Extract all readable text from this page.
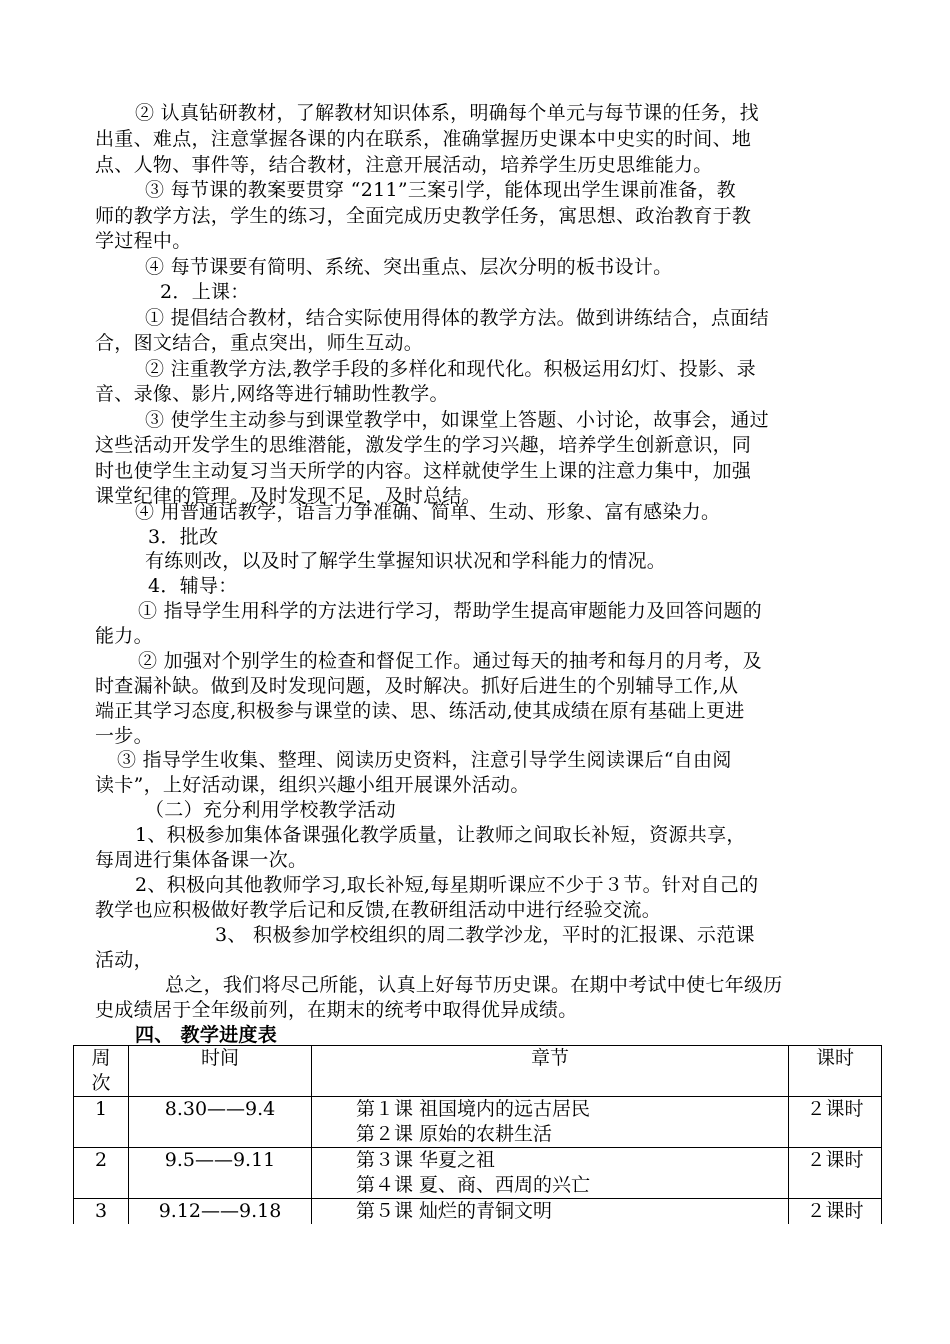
② 认真钻研教材，了解教材知识体系，明确每个单元与每节课的任务，找
出重、难点，注意掌握各课的内在联系，准确掌握历史课本中史实的时间、地
点、人物、事件等，结合教材，注意开展活动，培养学生历史思维能力。
③ 每节课的教案要贯穿 “211”三案引学，能体现出学生课前准备，教
师的教学方法，学生的练习，全面完成历史教学任务，寓思想、政治教育于教
学过程中。
④ 每节课要有简明、系统、突出重点、层次分明的板书设计。
2．上课：
① 提倡结合教材，结合实际使用得体的教学方法。做到讲练结合，点面结
合，图文结合，重点突出，师生互动。
② 注重教学方法,教学手段的多样化和现代化。积极运用幻灯、投影、录
音、录像、影片,网络等进行辅助性教学。
③ 使学生主动参与到课堂教学中，如课堂上答题、小讨论，故事会，通过
这些活动开发学生的思维潜能，激发学生的学习兴趣，培养学生创新意识，同
时也使学生主动复习当天所学的内容。这样就使学生上课的注意力集中，加强
课堂纪律的管理。及时发现不足，及时总结。
④ 用普通话教学，语言力争准确、简单、生动、形象、富有感染力。
3．批改
有练则改，以及时了解学生掌握知识状况和学科能力的情况。
4．辅导：
① 指导学生用科学的方法进行学习，帮助学生提高审题能力及回答问题的
能力。
② 加强对个别学生的检查和督促工作。通过每天的抽考和每月的月考，及
时查漏补缺。做到及时发现问题，及时解决。抓好后进生的个别辅导工作,从
端正其学习态度,积极参与课堂的读、思、练活动,使其成绩在原有基础上更进
一步。
③ 指导学生收集、整理、阅读历史资料，注意引导学生阅读课后“自由阅
读卡”，上好活动课，组织兴趣小组开展课外活动。
（二）充分利用学校教学活动
1、积极参加集体备课强化教学质量，让教师之间取长补短，资源共享，
每周进行集体备课一次。
2、积极向其他教师学习,取长补短,每星期听课应不少于３节。针对自己的
教学也应积极做好教学后记和反馈,在教研组活动中进行经验交流。
3、 积极参加学校组织的周二教学沙龙，平时的汇报课、示范课
活动，
总之，我们将尽己所能，认真上好每节历史课。在期中考试中使七年级历
史成绩居于全年级前列，在期末的统考中取得优异成绩。
四、 教学进度表
周
次	时间	章节	课时
1	8.30——9.4	第１课 祖国境内的远古居民
第２课 原始的农耕生活	２课时
2	9.5——9.11	第３课 华夏之祖
第４课 夏、商、西周的兴亡	２课时
3	9.12——9.18	第５课 灿烂的青铜文明	２课时
